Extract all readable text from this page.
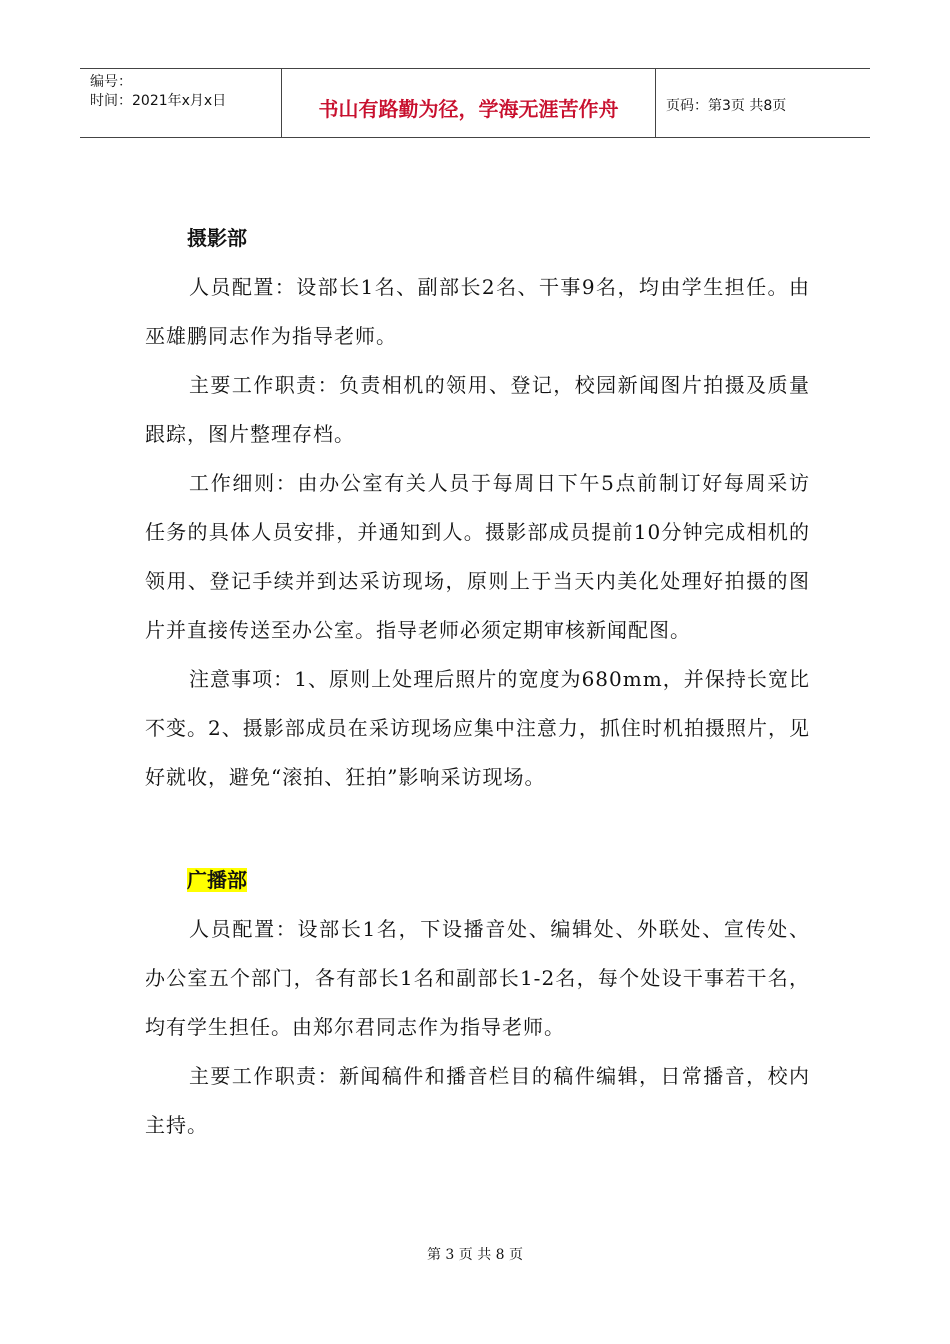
编号：
时间：2021年x月x日	书山有路勤为径，学海无涯苦作舟	页码：第3页 共8页

摄影部

人员配置：设部长1名、副部长2名、干事9名，均由学生担任。由巫雄鹏同志作为指导老师。

主要工作职责：负责相机的领用、登记，校园新闻图片拍摄及质量跟踪，图片整理存档。

工作细则：由办公室有关人员于每周日下午5点前制订好每周采访任务的具体人员安排，并通知到人。摄影部成员提前10分钟完成相机的领用、登记手续并到达采访现场，原则上于当天内美化处理好拍摄的图片并直接传送至办公室。指导老师必须定期审核新闻配图。

注意事项：1、原则上处理后照片的宽度为680mm，并保持长宽比不变。2、摄影部成员在采访现场应集中注意力，抓住时机拍摄照片，见好就收，避免“滚拍、狂拍”影响采访现场。

广播部

人员配置：设部长1名，下设播音处、编辑处、外联处、宣传处、办公室五个部门，各有部长1名和副部长1-2名，每个处设干事若干名，均有学生担任。由郑尔君同志作为指导老师。

主要工作职责：新闻稿件和播音栏目的稿件编辑，日常播音，校内主持。

第 3 页 共 8 页
